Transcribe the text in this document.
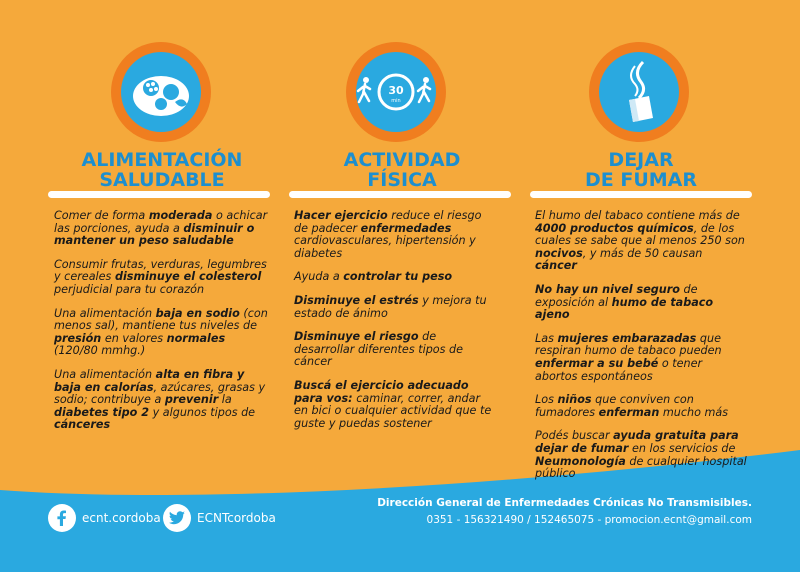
ALIMENTACIÓN
SALUDABLE

Comer de forma moderada o achicar las porciones, ayuda a disminuir o mantener un peso saludable

Consumir frutas, verduras, legumbres y cereales disminuye el colesterol perjudicial para tu corazón

Una alimentación baja en sodio (con menos sal), mantiene tus niveles de presión en valores normales (120/80 mmhg.)

Una alimentación alta en fibra y baja en calorías, azúcares, grasas y sodio; contribuye a prevenir la diabetes tipo 2 y algunos tipos de cánceres

30
min
ACTIVIDAD
FÍSICA

Hacer ejercicio reduce el riesgo de padecer enfermedades cardiovasculares, hipertensión y diabetes

Ayuda a controlar tu peso

Disminuye el estrés y mejora tu estado de ánimo

Disminuye el riesgo de desarrollar diferentes tipos de cáncer

Buscá el ejercicio adecuado para vos: caminar, correr, andar en bici o cualquier actividad que te guste y puedas sostener

DEJAR
DE FUMAR

El humo del tabaco contiene más de 4000 productos químicos, de los cuales se sabe que al menos 250 son nocivos, y más de 50 causan cáncer

No hay un nivel seguro de exposición al humo de tabaco ajeno

Las mujeres embarazadas que respiran humo de tabaco pueden enfermar a su bebé o tener abortos espontáneos

Los niños que conviven con fumadores enferman mucho más

Podés buscar ayuda gratuita para dejar de fumar en los servicios de Neumonología de cualquier hospital público

ecnt.cordoba	ECNTcordoba
Dirección General de Enfermedades Crónicas No Transmisibles.
0351 - 156321490 / 152465075 - promocion.ecnt@gmail.com
